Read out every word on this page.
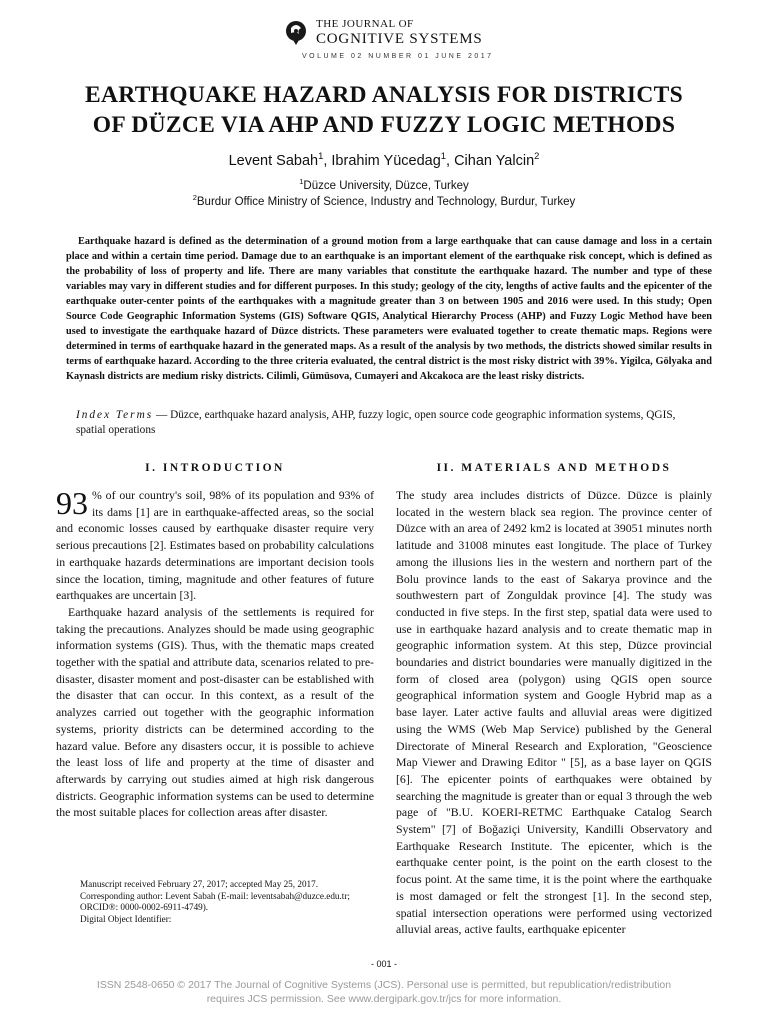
THE JOURNAL OF
COGNITIVE SYSTEMS
VOLUME 02 NUMBER 01 JUNE 2017
EARTHQUAKE HAZARD ANALYSIS FOR DISTRICTS
OF DÜZCE VIA AHP AND FUZZY LOGIC METHODS
Levent Sabah$^1$, Ibrahim Yücedag$^1$, Cihan Yalcin$^2$
$^1$Düzce University, Düzce, Turkey
$^2$Burdur Office Ministry of Science, Industry and Technology, Burdur, Turkey

Earthquake hazard is defined as the determination of a ground motion from a large earthquake that can cause damage and loss in a certain place and within a certain time period. Damage due to an earthquake is an important element of the earthquake risk concept, which is defined as the probability of loss of property and life. There are many variables that constitute the earthquake hazard. The number and type of these variables may vary in different studies and for different purposes. In this study; geology of the city, lengths of active faults and the epicenter of the earthquake outer-center points of the earthquakes with a magnitude greater than 3 on between 1905 and 2016 were used. In this study; Open Source Code Geographic Information Systems (GIS) Software QGIS, Analytical Hierarchy Process (AHP) and Fuzzy Logic Method have been used to investigate the earthquake hazard of Düzce districts. These parameters were evaluated together to create thematic maps. Regions were determined in terms of earthquake hazard in the generated maps. As a result of the analysis by two methods, the districts showed similar results in terms of earthquake hazard. According to the three criteria evaluated, the central district is the most risky district with 39%. Yigilca, Gölyaka and Kaynaslı districts are medium risky districts. Cilimli, Gümüsova, Cumayeri and Akcakoca are the least risky districts.

Index Terms — Düzce, earthquake hazard analysis, AHP, fuzzy logic, open source code geographic information systems, QGIS, spatial operations

I. INTRODUCTION

93 % of our country's soil, 98% of its population and 93% of its dams [1] are in earthquake-affected areas, so the social and economic losses caused by earthquake disaster require very serious precautions [2]. Estimates based on probability calculations in earthquake hazards determinations are important decision tools since the location, timing, magnitude and other features of future earthquakes are uncertain [3].

Earthquake hazard analysis of the settlements is required for taking the precautions. Analyzes should be made using geographic information systems (GIS). Thus, with the thematic maps created together with the spatial and attribute data, scenarios related to pre-disaster, disaster moment and post-disaster can be established with the disaster that can occur. In this context, as a result of the analyzes carried out together with the geographic information systems, priority districts can be determined according to the hazard value. Before any disasters occur, it is possible to achieve the least loss of life and property at the time of disaster and afterwards by carrying out studies aimed at high risk dangerous districts. Geographic information systems can be used to determine the most suitable places for collection areas after disaster.

Manuscript received February 27, 2017; accepted May 25, 2017.
Corresponding author: Levent Sabah (E-mail: leventsabah@duzce.edu.tr; ORCID®: 0000-0002-6911-4749).
Digital Object Identifier:
II. MATERIALS AND METHODS

The study area includes districts of Düzce. Düzce is plainly located in the western black sea region. The province center of Düzce with an area of 2492 km2 is located at 39051 minutes north latitude and 31008 minutes east longitude. The place of Turkey among the illusions lies in the western and northern part of the Bolu province lands to the east of Sakarya province and the southwestern part of Zonguldak province [4]. The study was conducted in five steps. In the first step, spatial data were used to use in earthquake hazard analysis and to create thematic map in geographic information system. At this step, Düzce provincial boundaries and district boundaries were manually digitized in the form of closed area (polygon) using QGIS open source geographical information system and Google Hybrid map as a base layer. Later active faults and alluvial areas were digitized using the WMS (Web Map Service) published by the General Directorate of Mineral Research and Exploration, "Geoscience Map Viewer and Drawing Editor " [5], as a base layer on QGIS [6]. The epicenter points of earthquakes were obtained by searching the magnitude is greater than or equal 3 through the web page of "B.U. KOERI-RETMC Earthquake Catalog Search System" [7] of Boğaziçi University, Kandilli Observatory and Earthquake Research Institute. The epicenter, which is the earthquake center point, is the point on the earth closest to the focus point. At the same time, it is the point where the earthquake is most damaged or felt the strongest [1]. In the second step, spatial intersection operations were performed using vectorized alluvial areas, active faults, earthquake epicenter

- 001 -
ISSN 2548-0650 © 2017 The Journal of Cognitive Systems (JCS). Personal use is permitted, but republication/redistribution
requires JCS permission. See www.dergipark.gov.tr/jcs for more information.
